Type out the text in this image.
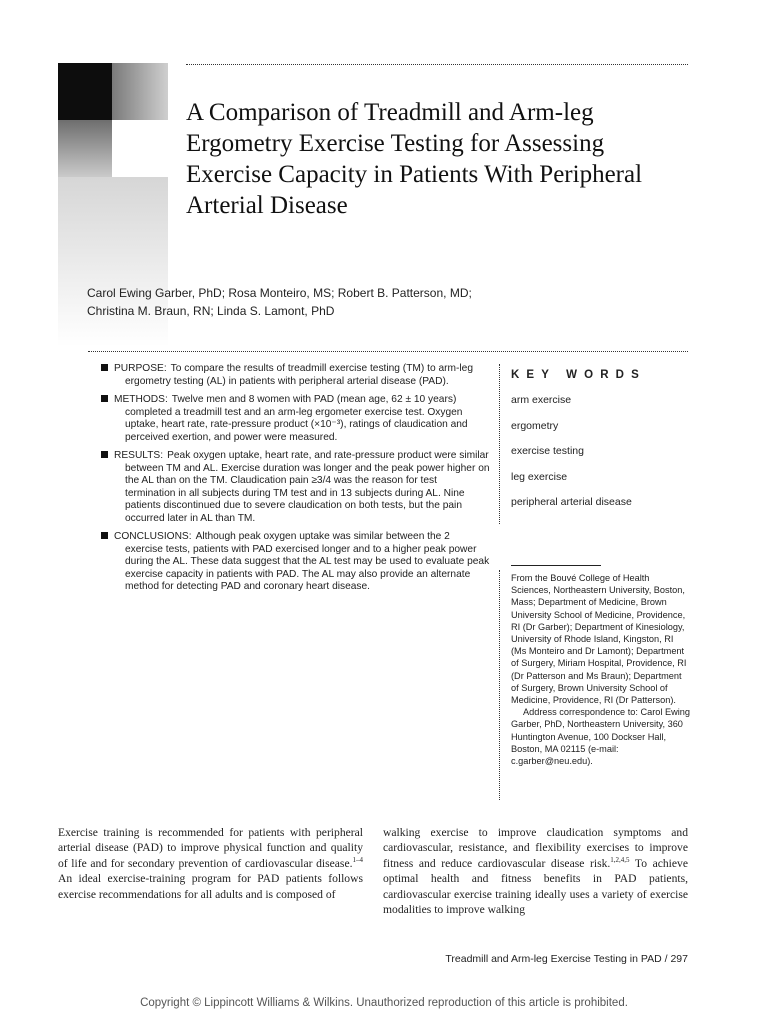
A Comparison of Treadmill and Arm-leg Ergometry Exercise Testing for Assessing Exercise Capacity in Patients With Peripheral Arterial Disease
Carol Ewing Garber, PhD; Rosa Monteiro, MS; Robert B. Patterson, MD;
Christina M. Braun, RN; Linda S. Lamont, PhD

PURPOSE: To compare the results of treadmill exercise testing (TM) to arm-leg ergometry testing (AL) in patients with peripheral arterial disease (PAD).

METHODS: Twelve men and 8 women with PAD (mean age, 62 ± 10 years) completed a treadmill test and an arm-leg ergometer exercise test. Oxygen uptake, heart rate, rate-pressure product (×10⁻³), ratings of claudication and perceived exertion, and power were measured.

RESULTS: Peak oxygen uptake, heart rate, and rate-pressure product were similar between TM and AL. Exercise duration was longer and the peak power higher on the AL than on the TM. Claudication pain ≥3/4 was the reason for test termination in all subjects during TM test and in 13 subjects during AL. Nine patients discontinued due to severe claudication on both tests, but the pain occurred later in AL than TM.

CONCLUSIONS: Although peak oxygen uptake was similar between the 2 exercise tests, patients with PAD exercised longer and to a higher peak power during the AL. These data suggest that the AL test may be used to evaluate peak exercise capacity in patients with PAD. The AL may also provide an alternate method for detecting PAD and coronary heart disease.

KEY WORDS
arm exercise
ergometry
exercise testing
leg exercise
peripheral arterial disease

From the Bouvé College of Health Sciences, Northeastern University, Boston, Mass; Department of Medicine, Brown University School of Medicine, Providence, RI (Dr Garber); Department of Kinesiology, University of Rhode Island, Kingston, RI (Ms Monteiro and Dr Lamont); Department of Surgery, Miriam Hospital, Providence, RI (Dr Patterson and Ms Braun); Department of Surgery, Brown University School of Medicine, Providence, RI (Dr Patterson).

Address correspondence to: Carol Ewing Garber, PhD, Northeastern University, 360 Huntington Avenue, 100 Dockser Hall, Boston, MA 02115 (e-mail: c.garber@neu.edu).

Exercise training is recommended for patients with peripheral arterial disease (PAD) to improve physical function and quality of life and for secondary prevention of cardiovascular disease.$^{1-4}$ An ideal exercise-training program for PAD patients follows exercise recommendations for all adults and is composed of

walking exercise to improve claudication symptoms and cardiovascular, resistance, and flexibility exercises to improve fitness and reduce cardiovascular disease risk.$^{1,2,4,5}$ To achieve optimal health and fitness benefits in PAD patients, cardiovascular exercise training ideally uses a variety of exercise modalities to improve walking

Treadmill and Arm-leg Exercise Testing in PAD / 297
Copyright © Lippincott Williams & Wilkins. Unauthorized reproduction of this article is prohibited.
